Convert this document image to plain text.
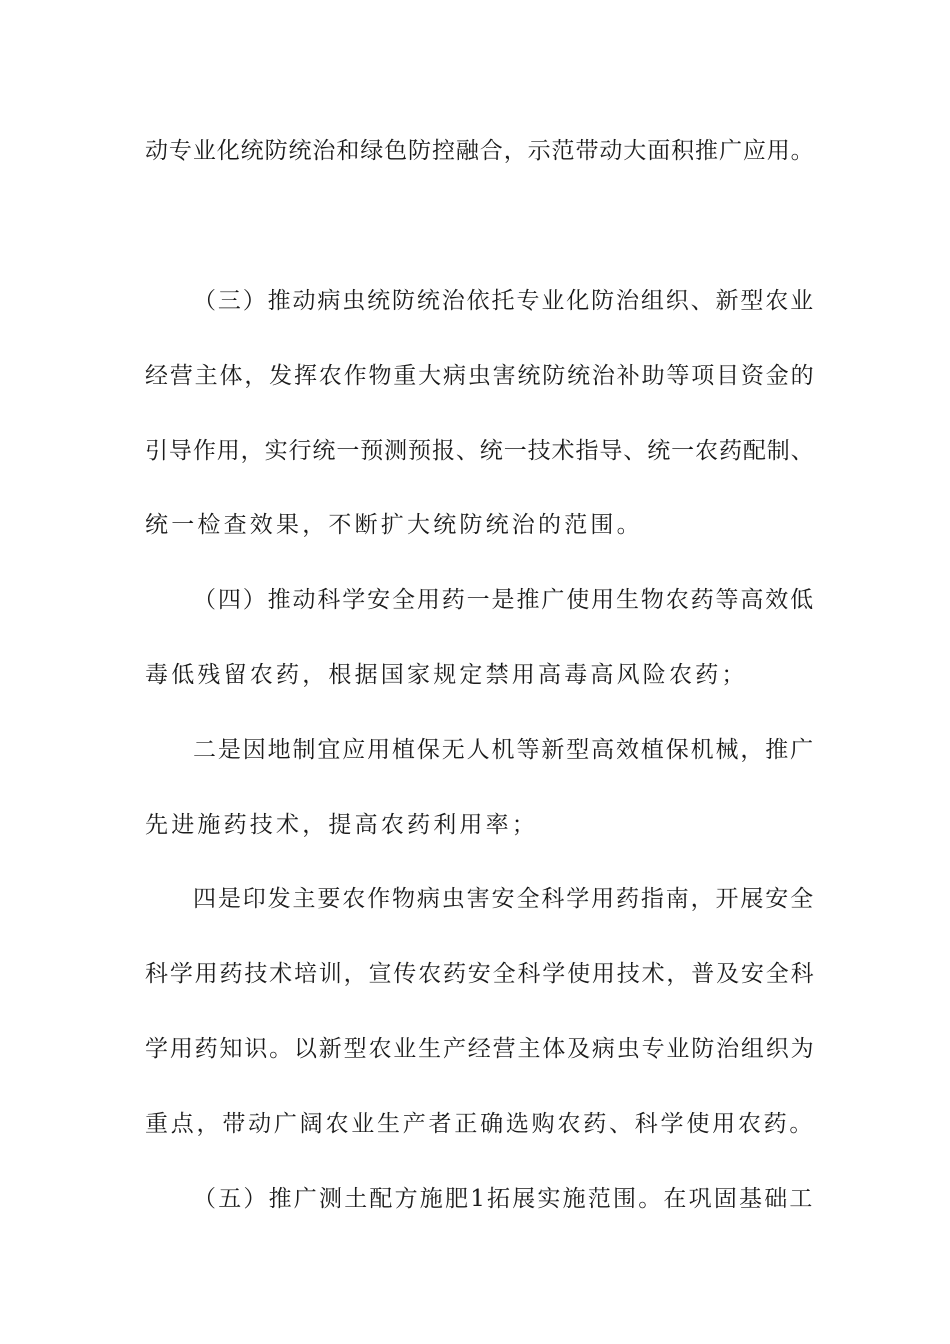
动专业化统防统治和绿色防控融合，示范带动大面积推广应用。

（三）推动病虫统防统治依托专业化防治组织、新型农业

经营主体，发挥农作物重大病虫害统防统治补助等项目资金的

引导作用，实行统一预测预报、统一技术指导、统一农药配制、

统一检查效果，不断扩大统防统治的范围。

（四）推动科学安全用药一是推广使用生物农药等高效低

毒低残留农药，根据国家规定禁用高毒高风险农药；

二是因地制宜应用植保无人机等新型高效植保机械，推广

先进施药技术，提高农药利用率；

四是印发主要农作物病虫害安全科学用药指南，开展安全

科学用药技术培训，宣传农药安全科学使用技术，普及安全科

学用药知识。以新型农业生产经营主体及病虫专业防治组织为

重点，带动广阔农业生产者正确选购农药、科学使用农药。

（五）推广测土配方施肥1拓展实施范围。在巩固基础工
